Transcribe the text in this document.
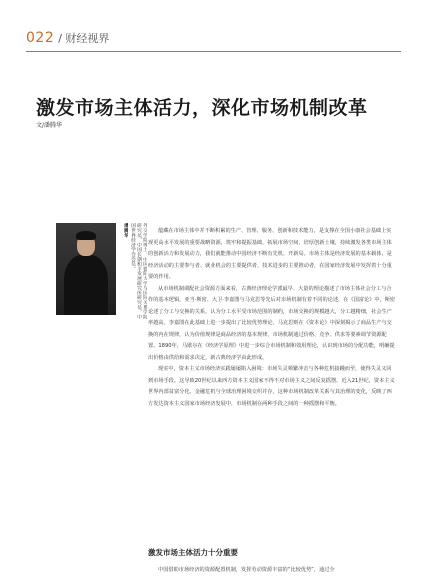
022 / 财经视界
激发市场主体活力，深化市场机制改革
文/潘腾华
潘腾华	外交学院博士，中国德阳大学与国际关系学院研究员，中国长期和平发展研究所研究员、中国世界经济学会会员。	蕴藏在市场主体中并不断积累的生产、管理、服务、创新和技术能力，是支撑在全国小康社会基础上实现更高水平发展的重要战略资源，筑牢和提振基础，拓展市场空间，培厚创新土壤，持续激发各类市场主体的创新活力和发展动力，我们就能推动中国经济不断有先机、开新局。市场主体是经济发展的基本载体，是经济活动的主要参与者、就业机会的主要提供者、技术进步的主要推动者，在国家经济发展中发挥着十分重要的作用。

从市场机制调配社会资源方面来看，古典经济理论学派最早、大量的理论描述了市场主体社会分工与合作的基本逻辑，亚当·斯密、大卫·李嘉图与马克思等先后对市场机制有着不同的论述，在《国富论》中，斯密论述了分工与交换的关系，认为分工水平受市场范围的制约，市场交换的规模越大，分工越精细，社会生产率越高。李嘉图在此基础上进一步提出了比较优势理论，马克思则在《资本论》中深刻揭示了商品生产与交换的内在规律，认为价值规律是商品经济的基本规律，市场机制通过价格、竞争、供求等要素调节资源配置。1890年，马歇尔在《经济学原理》中进一步综合市场机制和效用理论，认识到市场的分配功能，明确提出价格由供给和需求决定，新古典经济学由此形成。

现实中，资本主义市场经济实践屡屡陷入困境：市场失灵频繁冲击与各种危机接踵而至，使得失灵又回到市场手段。这导致20世纪以来西方资本主义国家不得不对市场主义之间反复摇摆。近入21世纪，资本主义世界内部贫富分化、金融危机与全球治理困境交织并存，这种市场机制改革关系与其治理的变化，反映了西方发达资本主义国家市场经济发展中，市场机制在两种手段之间的一种摇摆和平衡。

激发市场主体活力十分重要
中国借助市场经济的资源配置机制，发挥劳动资源丰富的“比较优势”，通过全
